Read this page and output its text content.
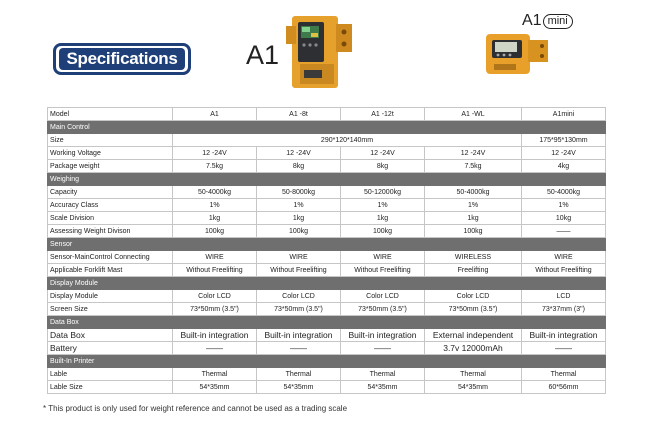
Specifications	A1
A1 mini
Model	A1	A1 -8t	A1 -12t	A1 -WL	A1mini
Main Control					
Size	290*120*140mm				175*95*130mm
Working Voltage	12 -24V	12 -24V	12 -24V	12 -24V	12 -24V
Package weight	7.5kg	8kg	8kg	7.5kg	4kg
Weighing					
Capacity	50-4000kg	50-8000kg	50-12000kg	50-4000kg	50-4000kg
Accuracy Class	1%	1%	1%	1%	1%
Scale Division	1kg	1kg	1kg	1kg	10kg
Assessing Weight Divison	100kg	100kg	100kg	100kg	——
Sensor					
Sensor-MainControl Connecting	WIRE	WIRE	WIRE	WIRELESS	WIRE
Applicable Forklift Mast	Without Freelifting	Without Freelifting	Without Freelifting	Freelifting	Without Freelifting
Display Module					
Display Module	Color LCD	Color LCD	Color LCD	Color LCD	LCD
Screen Size	73*50mm (3.5")	73*50mm (3.5")	73*50mm (3.5")	73*50mm (3.5")	73*37mm (3")
Data Box					
Data Box	Built-in integration	Built-in integration	Built-in integration	External independent	Built-in integration
Battery	——	——	——	3.7v 12000mAh	——
Built-In Printer					
Lable	Thermal	Thermal	Thermal	Thermal	Thermal
Lable Size	54*35mm	54*35mm	54*35mm	54*35mm	60*56mm
* This product is only used for weight reference and cannot be used as a trading scale
